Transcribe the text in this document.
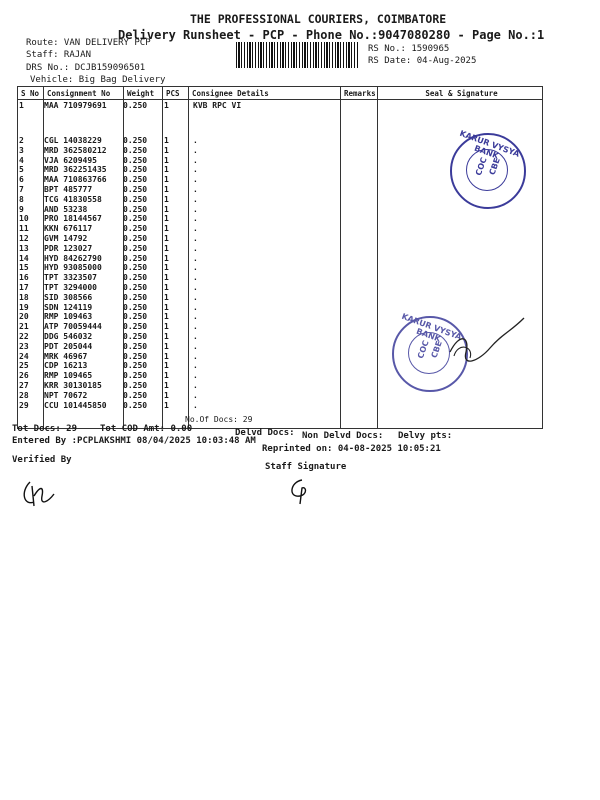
THE PROFESSIONAL COURIERS, COIMBATORE
Delivery Runsheet - PCP - Phone No.:9047080280 - Page No.:1
Route: VAN DELIVERY PCP
Staff: RAJAN
DRS No.: DCJB159096501
Vehicle: Big Bag Delivery
RS No.: 1590965
RS Date: 04-Aug-2025
S No	Consignment No	Weight	PCS	Consignee Details	Remarks	Seal & Signature

1	MAA 710979691 0.250 1	KVB RPC VI
2	CGL 14038229	0.250 1	.
3	MRD 362580212 0.250 1	.
4	VJA 6209495	0.250 1	.
5	MRD 362251435 0.250 1	.
6	MAA 710863766 0.250 1	.
7	BPT 485777	0.250 1	.
8	TCG 41830558	0.250 1	.
9	AND 53238	0.250 1	.
10	PRO 18144567	0.250 1	.
11	KKN 676117	0.250 1	.
12	GVM 14792	0.250 1	.
13	PDR 123027	0.250 1	.
14	HYD 84262790	0.250 1	.
15	HYD 93085000	0.250 1	.
16	TPT 3323507	0.250 1	.
17	TPT 3294000	0.250 1	.
18	SID 308566	0.250 1	.
19	SDN 124119	0.250 1	.
20	RMP 109463	0.250 1	.
21	ATP 70059444	0.250 1	.
22	DDG 546032	0.250 1	.
23	PDT 205044	0.250 1	.
24	MRK 46967	0.250 1	.
25	CDP 16213	0.250 1	.
26	RMP 109465	0.250 1	.
27	KRR 30130185	0.250 1	.
28	NPT 70672	0.250 1	.
29	CCU 101445850 0.250 1	.
No.Of Docs: 29
KARUR VYSYA BANK
COC
CBE
KARUR VYSYA BANK
COC
CBE
Tot Docs: 29	Tot COD Amt: 0.00	Delvd Docs: Non Delvd Docs: Delvy pts:
Entered By :PCPLAKSHMI 08/04/2025 10:03:48 AM
Reprinted on: 04-08-2025 10:05:21
Verified By
Staff Signature
